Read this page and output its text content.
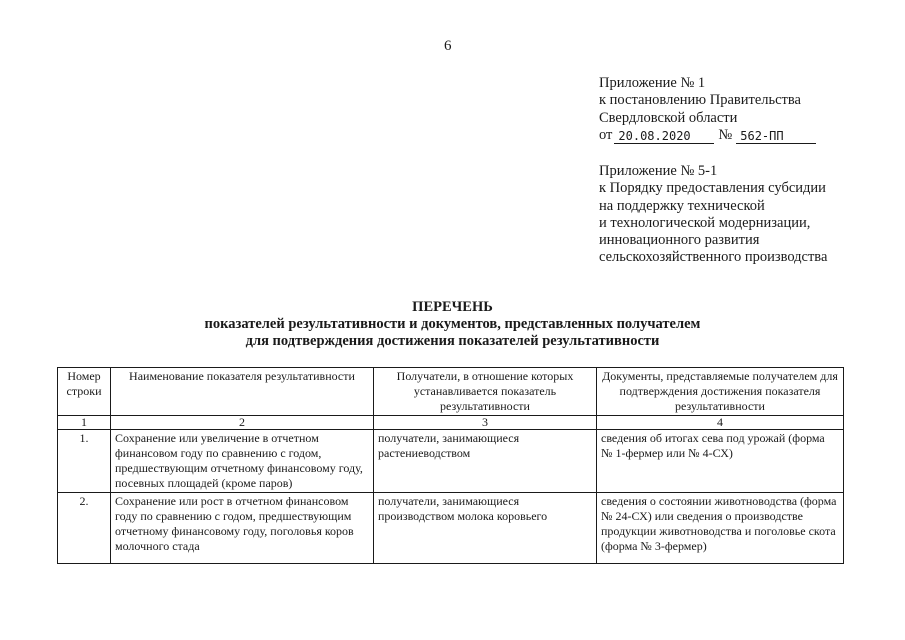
6
Приложение № 1
к постановлению Правительства
Свердловской области
от 20.08.2020	№ 562-ПП
Приложение № 5-1
к Порядку предоставления субсидии
на поддержку технической
и технологической модернизации,
инновационного развития
сельскохозяйственного производства
ПЕРЕЧЕНЬ
показателей результативности и документов, представленных получателем
для подтверждения достижения показателей результативности
Номер строки	Наименование показателя результативности	Получатели, в отношение которых устанавливается показатель результативности	Документы, представляемые получателем для подтверждения достижения показателя результативности
1	2	3	4
1.	Сохранение или увеличение в отчетном финансовом году по сравнению с годом, предшествующим отчетному финансовому году, посевных площадей (кроме паров)	получатели, занимающиеся растениеводством	сведения об итогах сева под урожай (форма № 1-фермер или № 4-СХ)
2.	Сохранение или рост в отчетном финансовом году по сравнению с годом, предшествующим отчетному финансовому году, поголовья коров молочного стада	получатели, занимающиеся производством молока коровьего	сведения о состоянии животноводства (форма № 24-СХ) или сведения о производстве продукции животноводства и поголовье скота (форма № 3-фермер)
